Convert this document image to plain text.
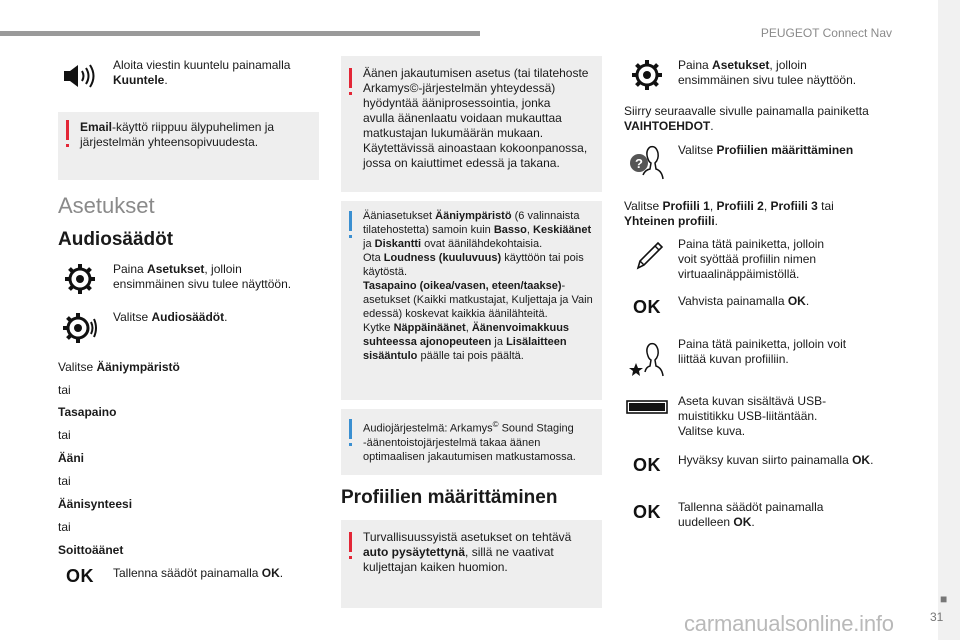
PEUGEOT Connect Nav
■
31
carmanualsonline.info
Aloita viestin kuuntelu painamalla
Kuuntele.
Email-käyttö riippuu älypuhelimen ja
järjestelmän yhteensopivuudesta.
Asetukset
Audiosäädöt
Paina Asetukset, jolloin
ensimmäinen sivu tulee näyttöön.
Valitse Audiosäädöt.
Valitse Äänіympäristö
tai
Tasapaino
tai
Ääni
tai
Äänisynteesi
tai
Soittoäänet
OK Tallenna säädöt painamalla OK.
Äänen jakautumisen asetus (tai tilatehoste
Arkamys©-järjestelmän yhteydessä)
hyödyntää ääniprosessointia, jonka
avulla äänenlaatu voidaan mukauttaa
matkustajan lukumäärän mukaan.
Käytettävissä ainoastaan kokoonpanossa,
jossa on kaiuttimet edessä ja takana.
Ääniasetukset Äänіympäristö (6 valinnaista
tilatehostetta) samoin kuin Basso, Keskiäänet
ja Diskantti ovat äänilähdekohtaisia.
Ota Loudness (kuuluvuus) käyttöön tai pois
käytöstä.
Tasapaino (oikea/vasen, eteen/taakse)-
asetukset (Kaikki matkustajat, Kuljettaja ja Vain
edessä) koskevat kaikkia äänilähteitä.
Kytke Näppäinäänet, Äänenvoimakkuus
suhteessa ajonopeuteen ja Lisälaitteen
sisääntulo päälle tai pois päältä.
Audiojärjestelmä: Arkamys© Sound Staging
-äänentoistojärjestelmä takaa äänen
optimaalisen jakautumisen matkustamossa.
Profiilien määrittäminen
Turvallisuussyistä asetukset on tehtävä
auto pysäytettynä, sillä ne vaativat
kuljettajan kaiken huomion.
Paina Asetukset, jolloin
ensimmäinen sivu tulee näyttöön.
Siirry seuraavalle sivulle painamalla painiketta
VAIHTOEHDOT.
?
Valitse Profiilien määrittäminen
Valitse Profiili 1, Profiili 2, Profiili 3 tai
Yhteinen profiili.
Paina tätä painiketta, jolloin
voit syöttää profiilin nimen
virtuaalinäppäimistöllä.
OK Vahvista painamalla OK.
Paina tätä painiketta, jolloin voit
liittää kuvan profiiliin.
Aseta kuvan sisältävä USB-
muistitikku USB-liitäntään.
Valitse kuva.
OK Hyväksy kuvan siirto painamalla OK.
OK Tallenna säädöt painamalla
uudelleen OK.
